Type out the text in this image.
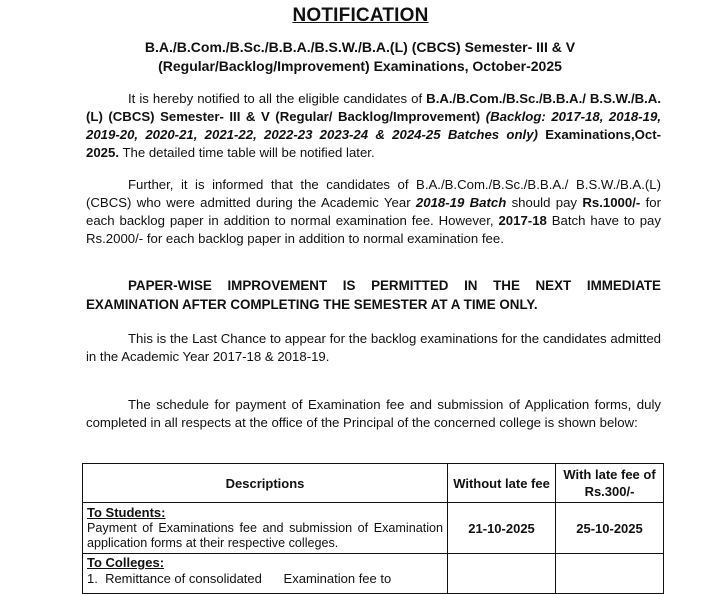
NOTIFICATION
B.A./B.Com./B.Sc./B.B.A./B.S.W./B.A.(L) (CBCS) Semester- III & V
(Regular/Backlog/Improvement) Examinations, October-2025
It is hereby notified to all the eligible candidates of B.A./B.Com./B.Sc./B.B.A./ B.S.W./B.A.(L) (CBCS) Semester- III & V (Regular/ Backlog/Improvement) (Backlog: 2017-18, 2018-19, 2019-20, 2020-21, 2021-22, 2022-23 2023-24 & 2024-25 Batches only) Examinations,Oct-2025. The detailed time table will be notified later.
Further, it is informed that the candidates of B.A./B.Com./B.Sc./B.B.A./ B.S.W./B.A.(L) (CBCS) who were admitted during the Academic Year 2018-19 Batch should pay Rs.1000/- for each backlog paper in addition to normal examination fee. However, 2017-18 Batch have to pay Rs.2000/- for each backlog paper in addition to normal examination fee.
PAPER-WISE IMPROVEMENT IS PERMITTED IN THE NEXT IMMEDIATE
EXAMINATION AFTER COMPLETING THE SEMESTER AT A TIME ONLY.
This is the Last Chance to appear for the backlog examinations for the candidates admitted in the Academic Year 2017-18 & 2018-19.
The schedule for payment of Examination fee and submission of Application forms, duly completed in all respects at the office of the Principal of the concerned college is shown below:
Descriptions	Without late fee	With late fee of Rs.300/-

To Students:
Payment of Examinations fee and submission of Examination application forms at their respective colleges.	21-10-2025	25-10-2025

To Colleges:
1.  Remittance of consolidated      Examination fee to		
